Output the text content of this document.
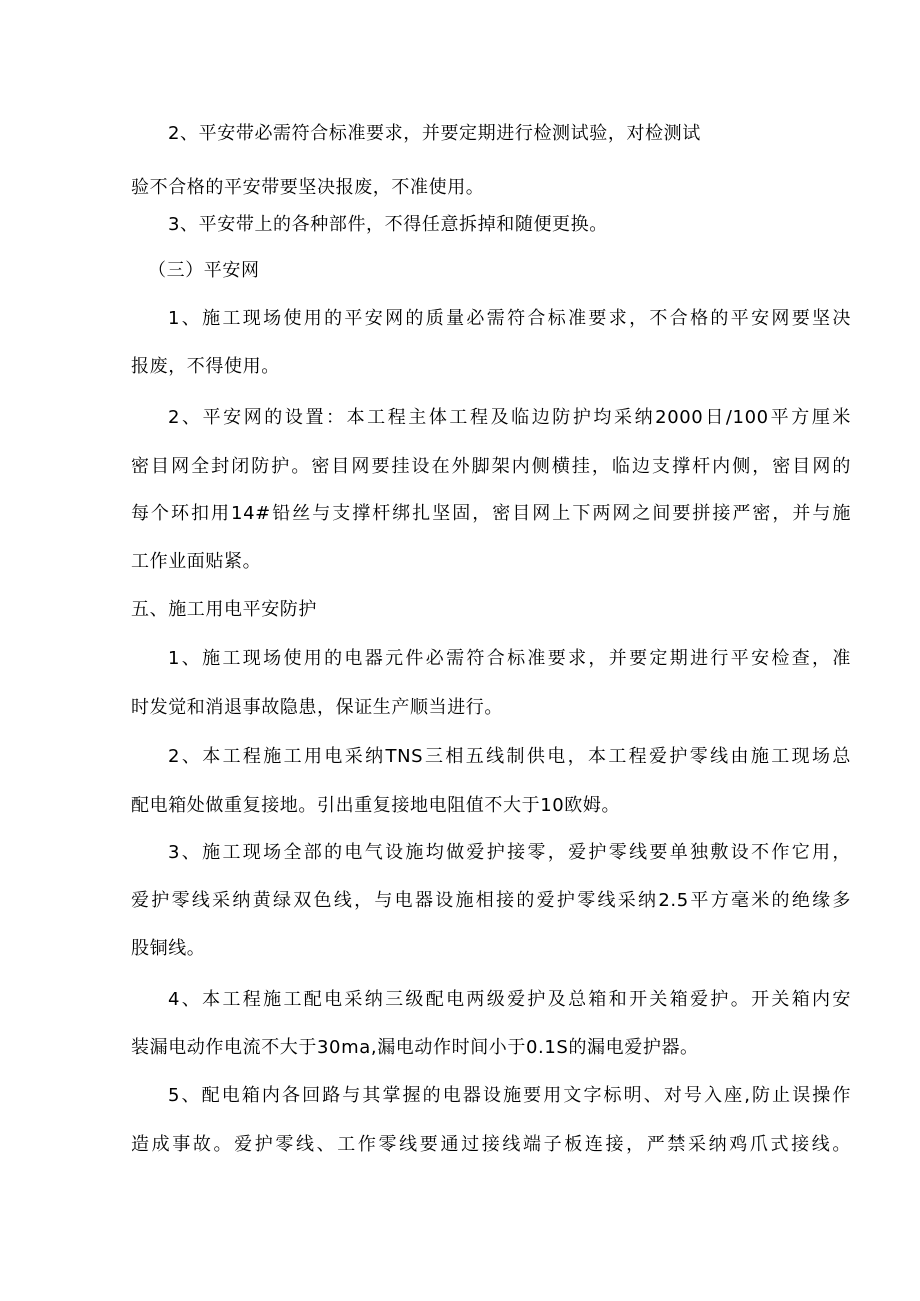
2、平安带必需符合标准要求，并要定期进行检测试验，对检测试
验不合格的平安带要坚决报废，不准使用。
3、平安带上的各种部件，不得任意拆掉和随便更换。
（三）平安网
1、施工现场使用的平安网的质量必需符合标准要求，不合格的平安网要坚决
报废，不得使用。
2、平安网的设置：本工程主体工程及临边防护均采纳2000日/100平方厘米
密目网全封闭防护。密目网要挂设在外脚架内侧横挂，临边支撑杆内侧，密目网的
每个环扣用14#铅丝与支撑杆绑扎坚固，密目网上下两网之间要拼接严密，并与施
工作业面贴紧。
五、施工用电平安防护
1、施工现场使用的电器元件必需符合标准要求，并要定期进行平安检查，准
时发觉和消退事故隐患，保证生产顺当进行。
2、本工程施工用电采纳TNS三相五线制供电，本工程爱护零线由施工现场总
配电箱处做重复接地。引出重复接地电阻值不大于10欧姆。
3、施工现场全部的电气设施均做爱护接零，爱护零线要单独敷设不作它用，
爱护零线采纳黄绿双色线，与电器设施相接的爱护零线采纳2.5平方毫米的绝缘多
股铜线。
4、本工程施工配电采纳三级配电两级爱护及总箱和开关箱爱护。开关箱内安
装漏电动作电流不大于30ma,漏电动作时间小于0.1S的漏电爱护器。
5、配电箱内各回路与其掌握的电器设施要用文字标明、对号入座,防止误操作
造成事故。爱护零线、工作零线要通过接线端子板连接，严禁采纳鸡爪式接线。
